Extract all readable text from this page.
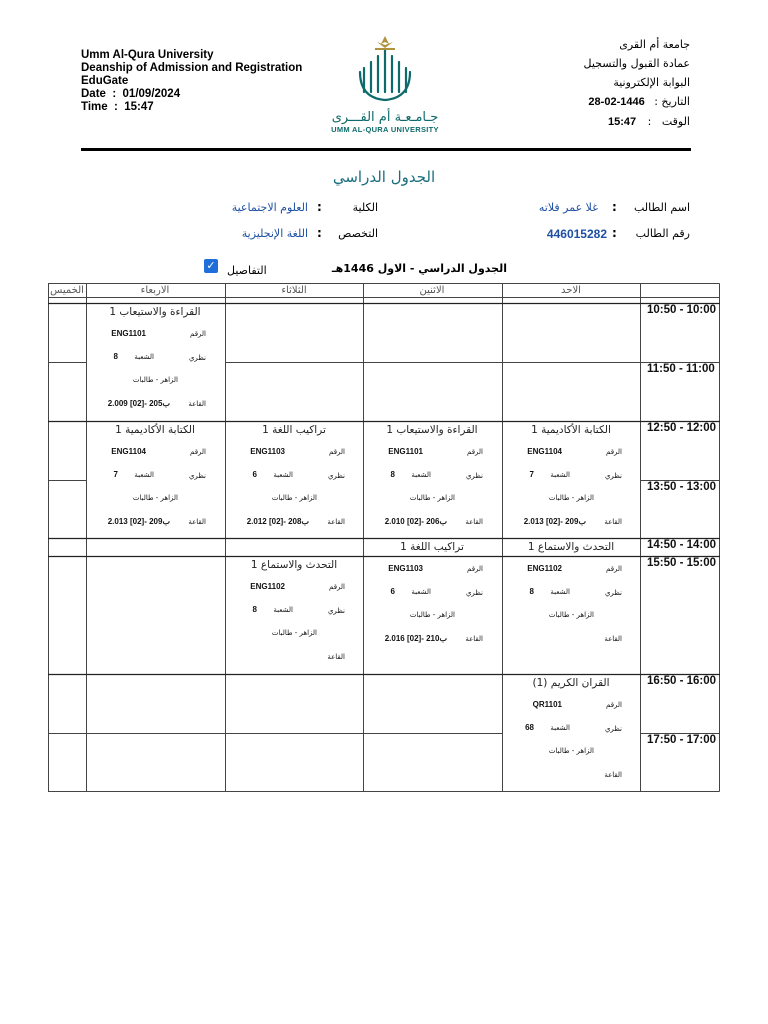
Umm Al-Qura University
Deanship of Admission and Registration
EduGate
Date  :  01/09/2024
Time  :  15:47
جامعة أم القرى
عمادة القبول والتسجيل
البوابة الإلكترونية
التاريخ : 1446-02-28
الوقت   : 15:47
جـامـعـة أم القـــرى
UMM AL-QURA UNIVERSITY
الجدول الدراسي
اسم الطالب
:
غلا عمر فلاته
رقم الطالب
:
446015282
الكلية
:
العلوم الاجتماعية
التخصص
:
اللغة الإنجليزية
الجدول الدراسي - الاول 1446هـ
التفاصيل
✓
الاحد
الاثنين
الثلاثاء
الاربعاء
الخميس
10:50 - 10:00
11:50 - 11:00
12:50 - 12:00
13:50 - 13:00
14:50 - 14:00
15:50 - 15:00
16:50 - 16:00
17:50 - 17:00
القراءة والاستيعاب 1
الرقم
ENG1101
نظري
الشعبة
8
الزاهر - طالبات
القاعة
ب205 -[02] 2.009
الكتابة الأكاديمية 1
الرقم
ENG1104
نظري
الشعبة
7
الزاهر - طالبات
القاعة
ب209 -[02] 2.013
القراءة والاستيعاب 1
الرقم
ENG1101
نظري
الشعبة
8
الزاهر - طالبات
القاعة
ب206 -[02] 2.010
تراكيب اللغة 1
الرقم
ENG1103
نظري
الشعبة
6
الزاهر - طالبات
القاعة
ب208 -[02] 2.012
الكتابة الأكاديمية 1
الرقم
ENG1104
نظري
الشعبة
7
الزاهر - طالبات
القاعة
ب209 -[02] 2.013
التحدث والاستماع 1
الرقم
ENG1102
نظري
الشعبة
8
الزاهر - طالبات
القاعة
تراكيب اللغة 1
الرقم
ENG1103
نظري
الشعبة
6
الزاهر - طالبات
القاعة
ب210 -[02] 2.016
التحدث والاستماع 1
الرقم
ENG1102
نظري
الشعبة
8
الزاهر - طالبات
القاعة
القران الكريم (1)
الرقم
QR1101
نظري
الشعبة
68
الزاهر - طالبات
القاعة
